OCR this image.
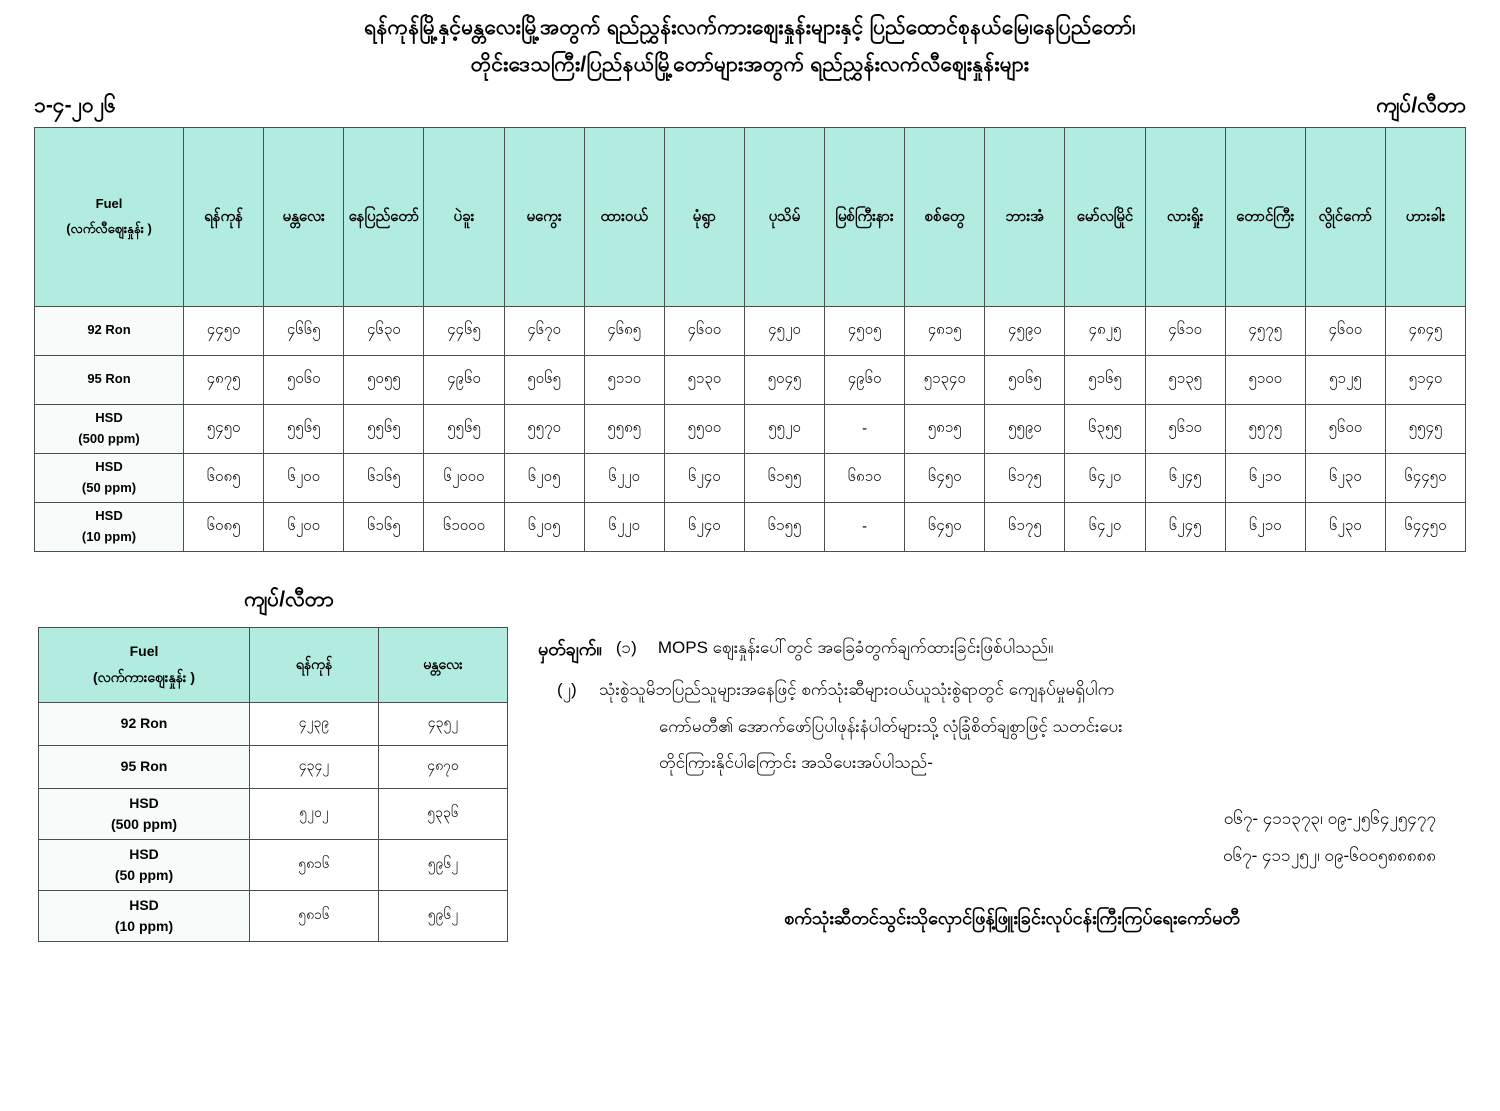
ရန်ကုန်မြို့နှင့်မန္တလေးမြို့အတွက် ရည်ညွှန်းလက်ကားဈေးနှုန်းများနှင့် ပြည်ထောင်စုနယ်မြေ၊နေပြည်တော်၊
တိုင်းဒေသကြီး/ပြည်နယ်မြို့တော်များအတွက် ရည်ညွှန်းလက်လီဈေးနှုန်းများ
၁-၄-၂၀၂၆	ကျပ်/လီတာ
Fuel
(လက်လီဈေးနှုန်း )	ရန်ကုန်	မန္တလေး	နေပြည်တော်	ပဲခူး	မကွေး	ထားဝယ်	မုံရွာ	ပုသိမ်	မြစ်ကြီးနား	စစ်တွေ	ဘားအံ	မော်လမြိုင်	လားရှိုး	တောင်ကြီး	လွိုင်ကော်	ဟားခါး

92 Ron	၄၄၅၀	၄၆၆၅	၄၆၃၀	၄၄၆၅	၄၆၇၀	၄၆၈၅	၄၆၀၀	၄၅၂၀	၄၅၀၅	၄၈၁၅	၄၅၉၀	၄၈၂၅	၄၆၁၀	၄၅၇၅	၄၆၀၀	၄၈၄၅

95 Ron	၄၈၇၅	၅၀၆၀	၅၀၅၅	၄၉၆၀	၅၀၆၅	၅၁၁၀	၅၁၃၀	၅၀၄၅	၄၉၆၀	၅၁၃၄၀	၅၀၆၅	၅၁၆၅	၅၁၃၅	၅၁၀၀	၅၁၂၅	၅၁၄၀

HSD
(500 ppm)	၅၄၅၀	၅၅၆၅	၅၅၆၅	၅၅၆၅	၅၅၇၀	၅၅၈၅	၅၅၀၀	၅၅၂၀	-	၅၈၁၅	၅၅၉၀	၆၃၅၅	၅၆၁၀	၅၅၇၅	၅၆၀၀	၅၅၄၅

HSD
(50 ppm)	၆၀၈၅	၆၂၀၀	၆၁၆၅	၆၂၀၀၀	၆၂၀၅	၆၂၂၀	၆၂၄၀	၆၁၅၅	၆၈၁၀	၆၄၅၀	၆၁၇၅	၆၄၂၀	၆၂၄၅	၆၂၁၀	၆၂၃၀	၆၄၄၅၀

HSD
(10 ppm)	၆၀၈၅	၆၂၀၀	၆၁၆၅	၆၁၀၀၀	၆၂၀၅	၆၂၂၀	၆၂၄၀	၆၁၅၅	-	၆၄၅၀	၆၁၇၅	၆၄၂၀	၆၂၄၅	၆၂၁၀	၆၂၃၀	၆၄၄၅၀
ကျပ်/လီတာ
Fuel
(လက်ကားဈေးနှုန်း )	ရန်ကုန်	မန္တလေး

92 Ron	၄၂၃၉	၄၃၅၂

95 Ron	၄၃၄၂	၄၈၇၀

HSD
(500 ppm)	၅၂၀၂	၅၃၃၆

HSD
(50 ppm)	၅၈၁၆	၅၉၆၂

HSD
(10 ppm)	၅၈၁၆	၅၉၆၂
မှတ်ချက်။ (၁)	MOPS ဈေးနှုန်းပေါ်တွင် အခြေခံတွက်ချက်ထားခြင်းဖြစ်ပါသည်။
(၂)	သုံးစွဲသူမိဘပြည်သူများအနေဖြင့် စက်သုံးဆီများဝယ်ယူသုံးစွဲရာတွင် ကျေနပ်မှုမရှိပါက
ကော်မတီ၏ အောက်ဖော်ပြပါဖုန်းနံပါတ်များသို့ လုံခြုံစိတ်ချစွာဖြင့် သတင်းပေး
တိုင်ကြားနိုင်ပါကြောင်း အသိပေးအပ်ပါသည်-
၀၆၇- ၄၁၁၃၇၃၊ ၀၉-၂၅၆၄၂၅၄၇၇
၀၆၇- ၄၁၁၂၅၂၊ ၀၉-၆၀၀၅၈၈၈၈၈
စက်သုံးဆီတင်သွင်းသိုလှောင်ဖြန့်ဖြူးခြင်းလုပ်ငန်းကြီးကြပ်ရေးကော်မတီ
